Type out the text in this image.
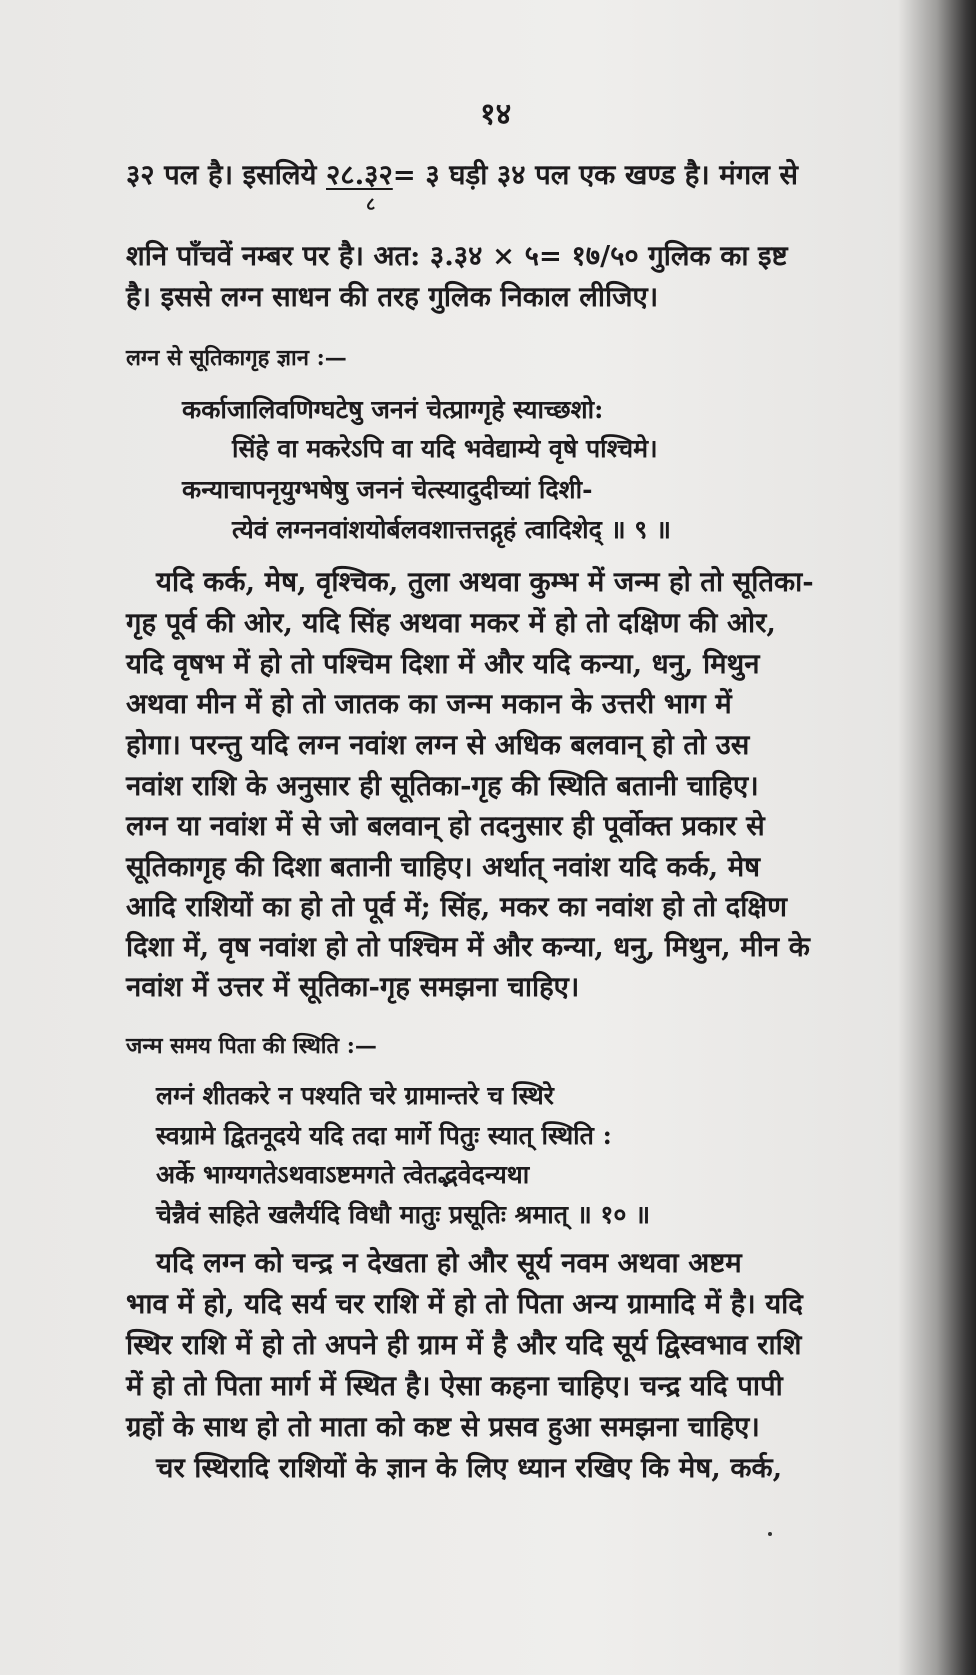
१४
३२ पल है। इसलिये २८.३२
८
= ३ घड़ी ३४ पल एक खण्ड है। मंगल से
शनि पाँचवें नम्बर पर है। अत: ३.३४ × ५= १७/५० गुलिक का इष्ट
है। इससे लग्न साधन की तरह गुलिक निकाल लीजिए।
लग्न से सूतिकागृह ज्ञान :—
कर्काजालिवणिग्घटेषु जननं चेत्प्राग्गृहे स्याच्छशो:
सिंहे वा मकरेऽपि वा यदि भवेद्याम्ये वृषे पश्चिमे।
कन्याचापनृयुग्भषेषु जननं चेत्स्यादुदीच्यां दिशी-
त्येवं लग्ननवांशयोर्बलवशात्तत्तद्गृहं त्वादिशेद् ॥ ९ ॥
यदि कर्क, मेष, वृश्चिक, तुला अथवा कुम्भ में जन्म हो तो सूतिका-
गृह पूर्व की ओर, यदि सिंह अथवा मकर में हो तो दक्षिण की ओर,
यदि वृषभ में हो तो पश्चिम दिशा में और यदि कन्या, धनु, मिथुन
अथवा मीन में हो तो जातक का जन्म मकान के उत्तरी भाग में
होगा। परन्तु यदि लग्न नवांश लग्न से अधिक बलवान् हो तो उस
नवांश राशि के अनुसार ही सूतिका-गृह की स्थिति बतानी चाहिए।
लग्न या नवांश में से जो बलवान् हो तदनुसार ही पूर्वोक्त प्रकार से
सूतिकागृह की दिशा बतानी चाहिए। अर्थात् नवांश यदि कर्क, मेष
आदि राशियों का हो तो पूर्व में; सिंह, मकर का नवांश हो तो दक्षिण
दिशा में, वृष नवांश हो तो पश्चिम में और कन्या, धनु, मिथुन, मीन के
नवांश में उत्तर में सूतिका-गृह समझना चाहिए।
जन्म समय पिता की स्थिति :—
लग्नं शीतकरे न पश्यति चरे ग्रामान्तरे च स्थिरे
स्वग्रामे द्वितनूदये यदि तदा मार्गे पितुः स्यात् स्थिति :
अर्के भाग्यगतेऽथवाऽष्टमगते त्वेतद्भवेदन्यथा
चेन्नैवं सहिते खलैर्यदि विधौ मातुः प्रसूतिः श्रमात् ॥ १० ॥
यदि लग्न को चन्द्र न देखता हो और सूर्य नवम अथवा अष्टम
भाव में हो, यदि सर्य चर राशि में हो तो पिता अन्य ग्रामादि में है। यदि
स्थिर राशि में हो तो अपने ही ग्राम में है और यदि सूर्य द्विस्वभाव राशि
में हो तो पिता मार्ग में स्थित है। ऐसा कहना चाहिए। चन्द्र यदि पापी
ग्रहों के साथ हो तो माता को कष्ट से प्रसव हुआ समझना चाहिए।
चर स्थिरादि राशियों के ज्ञान के लिए ध्यान रखिए कि मेष, कर्क,
